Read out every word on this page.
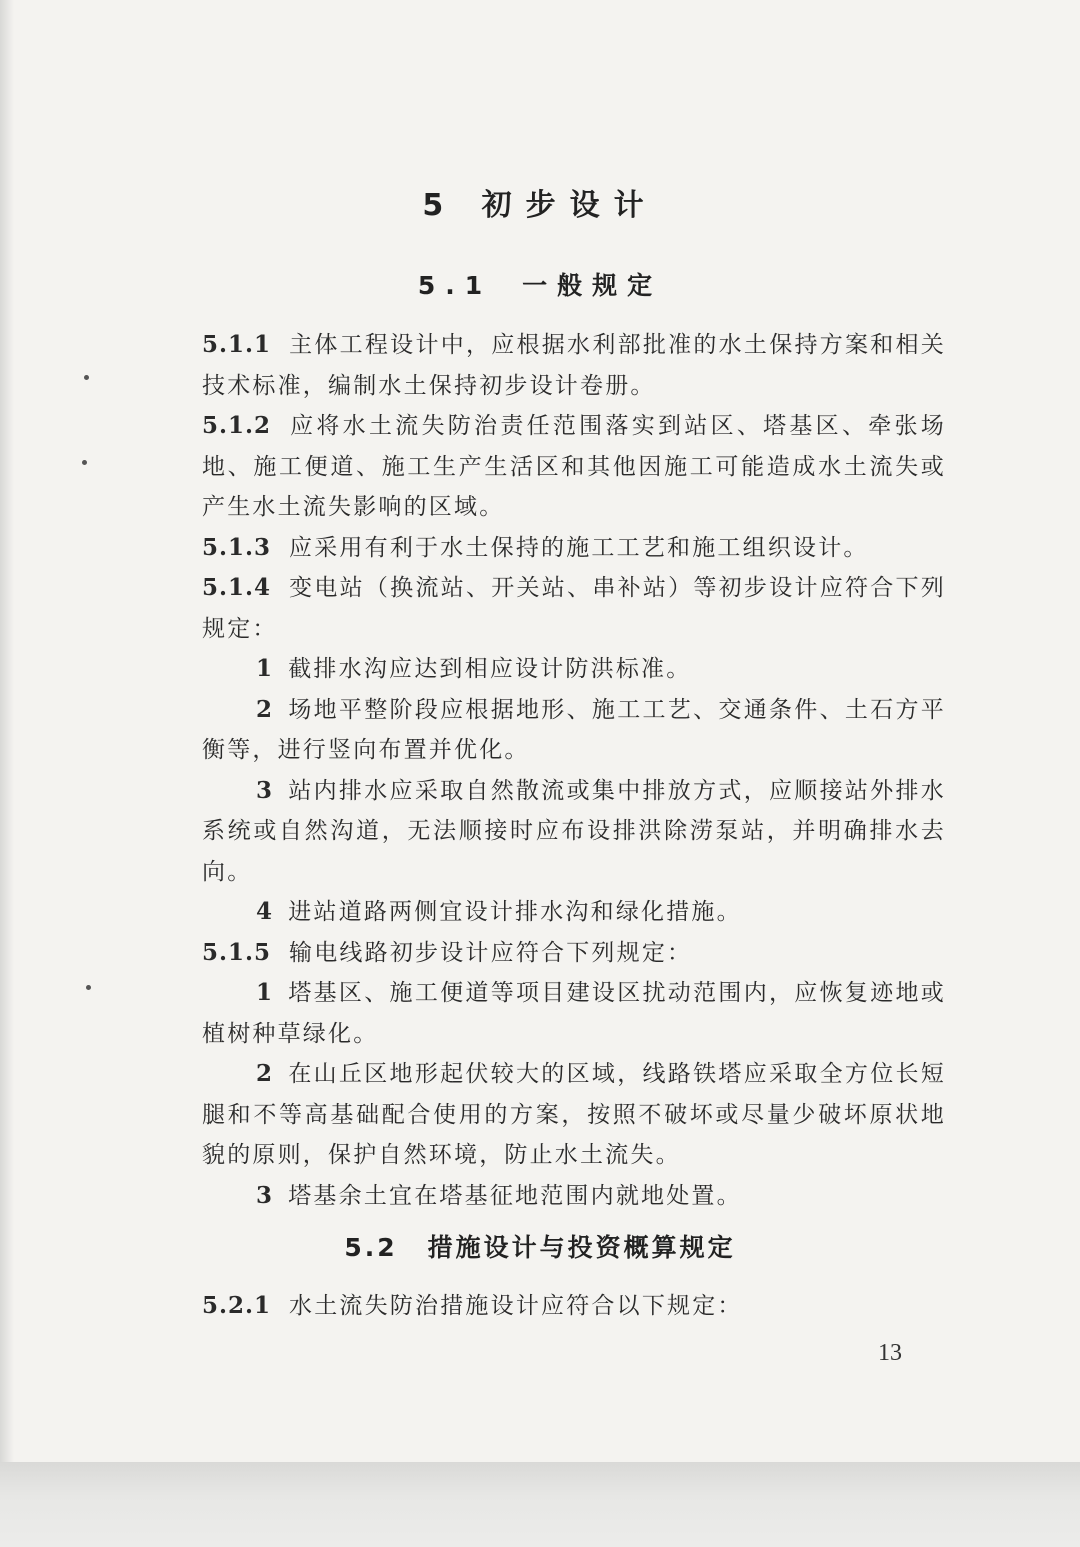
5 初步设计
5.1 一般规定

5.1.1 主体工程设计中，应根据水利部批准的水土保持方案和相关技术标准，编制水土保持初步设计卷册。

5.1.2 应将水土流失防治责任范围落实到站区、塔基区、牵张场地、施工便道、施工生产生活区和其他因施工可能造成水土流失或产生水土流失影响的区域。

5.1.3 应采用有利于水土保持的施工工艺和施工组织设计。

5.1.4 变电站（换流站、开关站、串补站）等初步设计应符合下列规定：

1 截排水沟应达到相应设计防洪标准。

2 场地平整阶段应根据地形、施工工艺、交通条件、土石方平衡等，进行竖向布置并优化。

3 站内排水应采取自然散流或集中排放方式，应顺接站外排水系统或自然沟道，无法顺接时应布设排洪除涝泵站，并明确排水去向。

4 进站道路两侧宜设计排水沟和绿化措施。

5.1.5 输电线路初步设计应符合下列规定：

1 塔基区、施工便道等项目建设区扰动范围内，应恢复迹地或植树种草绿化。

2 在山丘区地形起伏较大的区域，线路铁塔应采取全方位长短腿和不等高基础配合使用的方案，按照不破坏或尽量少破坏原状地貌的原则，保护自然环境，防止水土流失。

3 塔基余土宜在塔基征地范围内就地处置。

5.2 措施设计与投资概算规定
5.2.1 水土流失防治措施设计应符合以下规定：
13
